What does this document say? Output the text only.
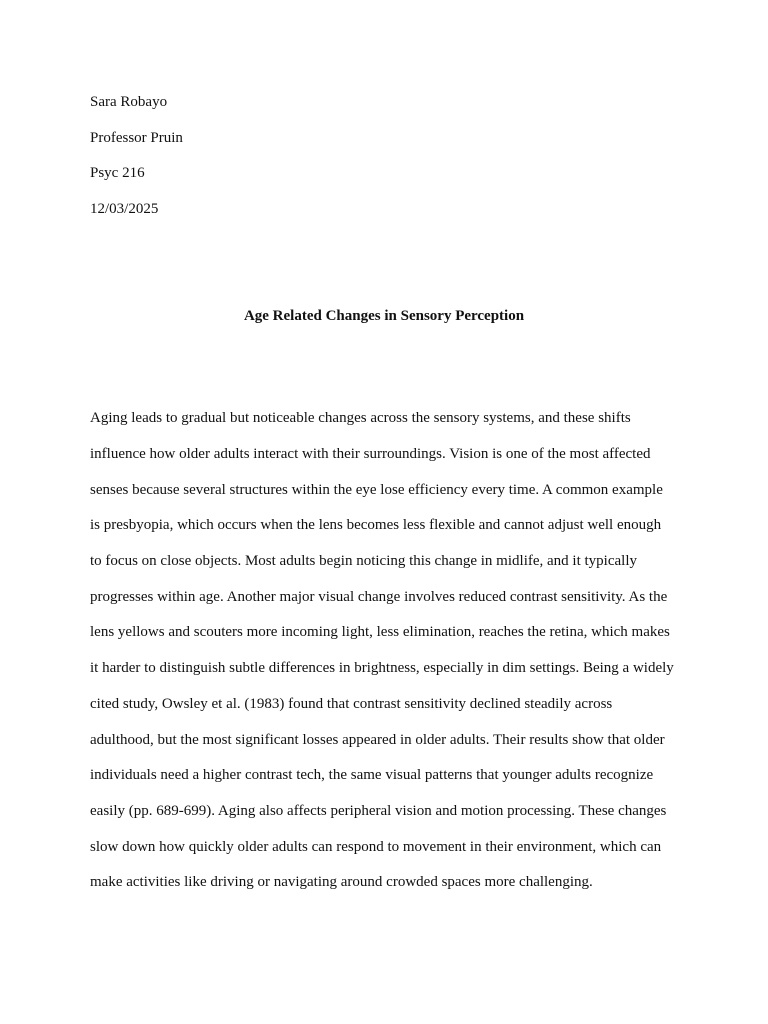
Sara Robayo
Professor Pruin
Psyc 216
12/03/2025
Age Related Changes in Sensory Perception
Aging leads to gradual but noticeable changes across the sensory systems, and these shifts
influence how older adults interact with their surroundings. Vision is one of the most affected
senses because several structures within the eye lose efficiency every time. A common example
is presbyopia, which occurs when the lens becomes less flexible and cannot adjust well enough
to focus on close objects. Most adults begin noticing this change in midlife, and it typically
progresses within age. Another major visual change involves reduced contrast sensitivity. As the
lens yellows and scouters more incoming light, less elimination, reaches the retina, which makes
it harder to distinguish subtle differences in brightness, especially in dim settings. Being a widely
cited study, Owsley et al. (1983) found that contrast sensitivity declined steadily across
adulthood, but the most significant losses appeared in older adults. Their results show that older
individuals need a higher contrast tech, the same visual patterns that younger adults recognize
easily (pp. 689-699). Aging also affects peripheral vision and motion processing. These changes
slow down how quickly older adults can respond to movement in their environment, which can
make activities like driving or navigating around crowded spaces more challenging.
